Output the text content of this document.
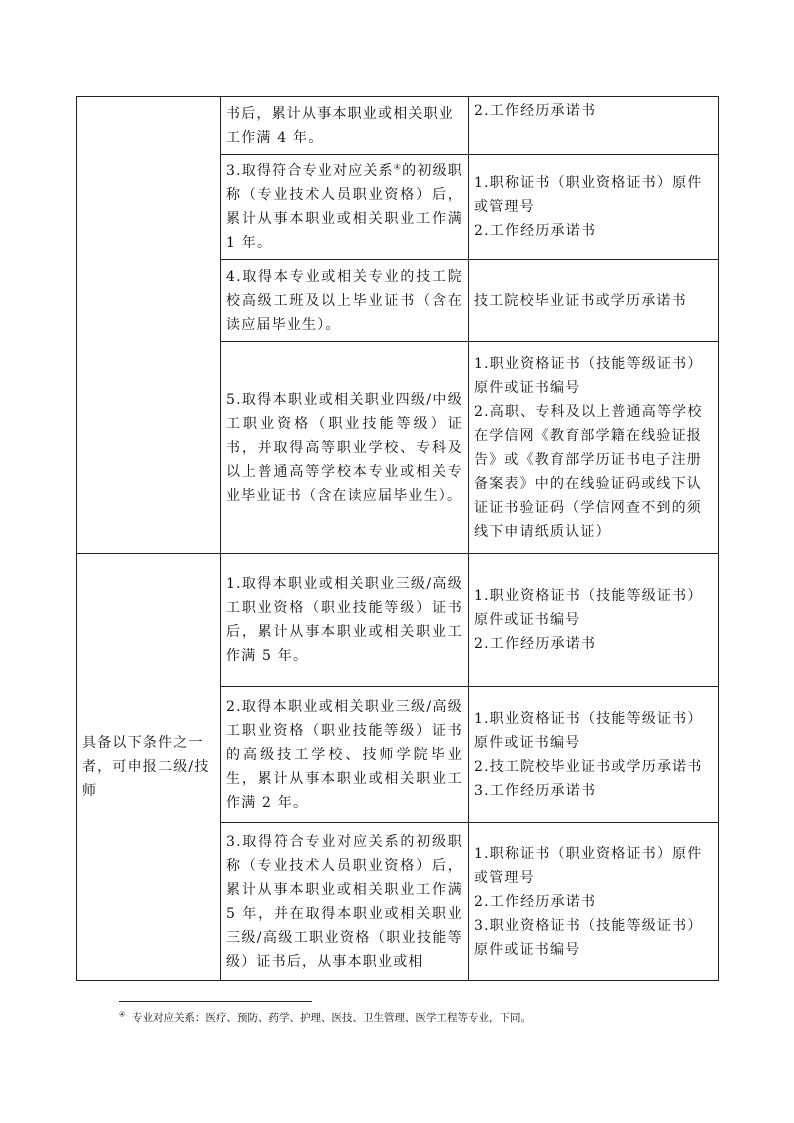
	书后，累计从事本职业或相关职业
工作满 4 年。	2.工作经历承诺书

	3.取得符合专业对应关系④的初级职称（专业技术人员职业资格）后，累计从事本职业或相关职业工作满 1 年。	1.职称证书（职业资格证书）原件或管理号
2.工作经历承诺书

	4.取得本专业或相关专业的技工院校高级工班及以上毕业证书（含在读应届毕业生）。	技工院校毕业证书或学历承诺书

	5.取得本职业或相关职业四级/中级工职业资格（职业技能等级）证书，并取得高等职业学校、专科及以上普通高等学校本专业或相关专业毕业证书（含在读应届毕业生）。	1.职业资格证书（技能等级证书）原件或证书编号
2.高职、专科及以上普通高等学校在学信网《教育部学籍在线验证报告》或《教育部学历证书电子注册备案表》中的在线验证码或线下认证证书验证码（学信网查不到的须线下申请纸质认证）

具备以下条件之一者，可申报二级/技师	1.取得本职业或相关职业三级/高级工职业资格（职业技能等级）证书后，累计从事本职业或相关职业工作满 5 年。	1.职业资格证书（技能等级证书）原件或证书编号
2.工作经历承诺书

	2.取得本职业或相关职业三级/高级工职业资格（职业技能等级）证书的高级技工学校、技师学院毕业生，累计从事本职业或相关职业工作满 2 年。	1.职业资格证书（技能等级证书）原件或证书编号
2.技工院校毕业证书或学历承诺书
3.工作经历承诺书

	3.取得符合专业对应关系的初级职称（专业技术人员职业资格）后，累计从事本职业或相关职业工作满 5 年，并在取得本职业或相关职业三级/高级工职业资格（职业技能等级）证书后，从事本职业或相	1.职称证书（职业资格证书）原件或管理号
2.工作经历承诺书
3.职业资格证书（技能等级证书）原件或证书编号
④ 专业对应关系：医疗、预防、药学、护理、医技、卫生管理、医学工程等专业，下同。
